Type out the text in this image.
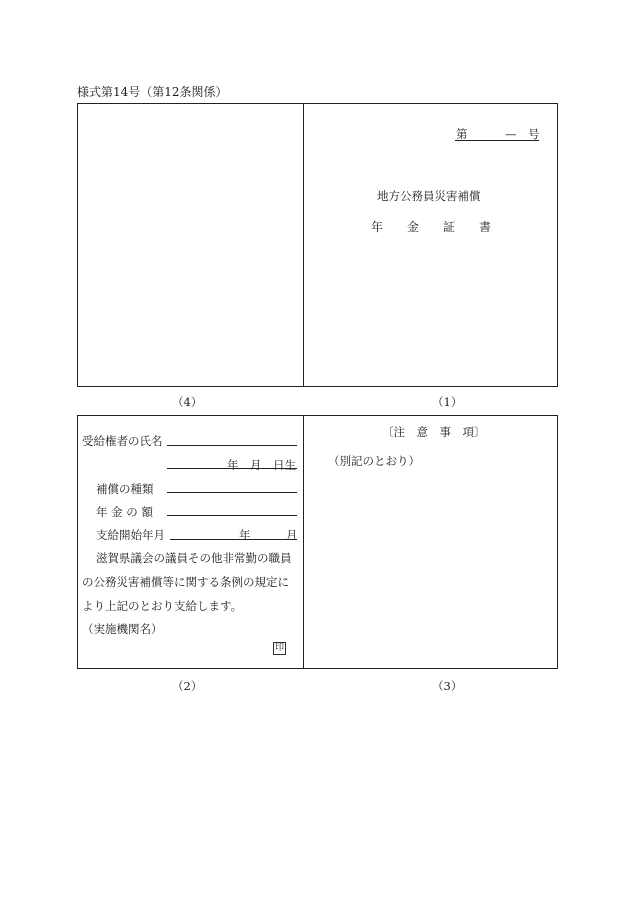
様式第14号（第12条関係）
第	—　号
地方公務員災害補償
年　　金　　証　　書
（4）	（1）
受給権者の氏名
年　月　日生
補償の種類
年 金 の 額
支給開始年月	年	月
滋賀県議会の議員その他非常勤の職員
の公務災害補償等に関する条例の規定に
より上記のとおり支給します。
（実施機関名）
印
〔注　意　事　項〕
（別記のとおり）
（2）	（3）
